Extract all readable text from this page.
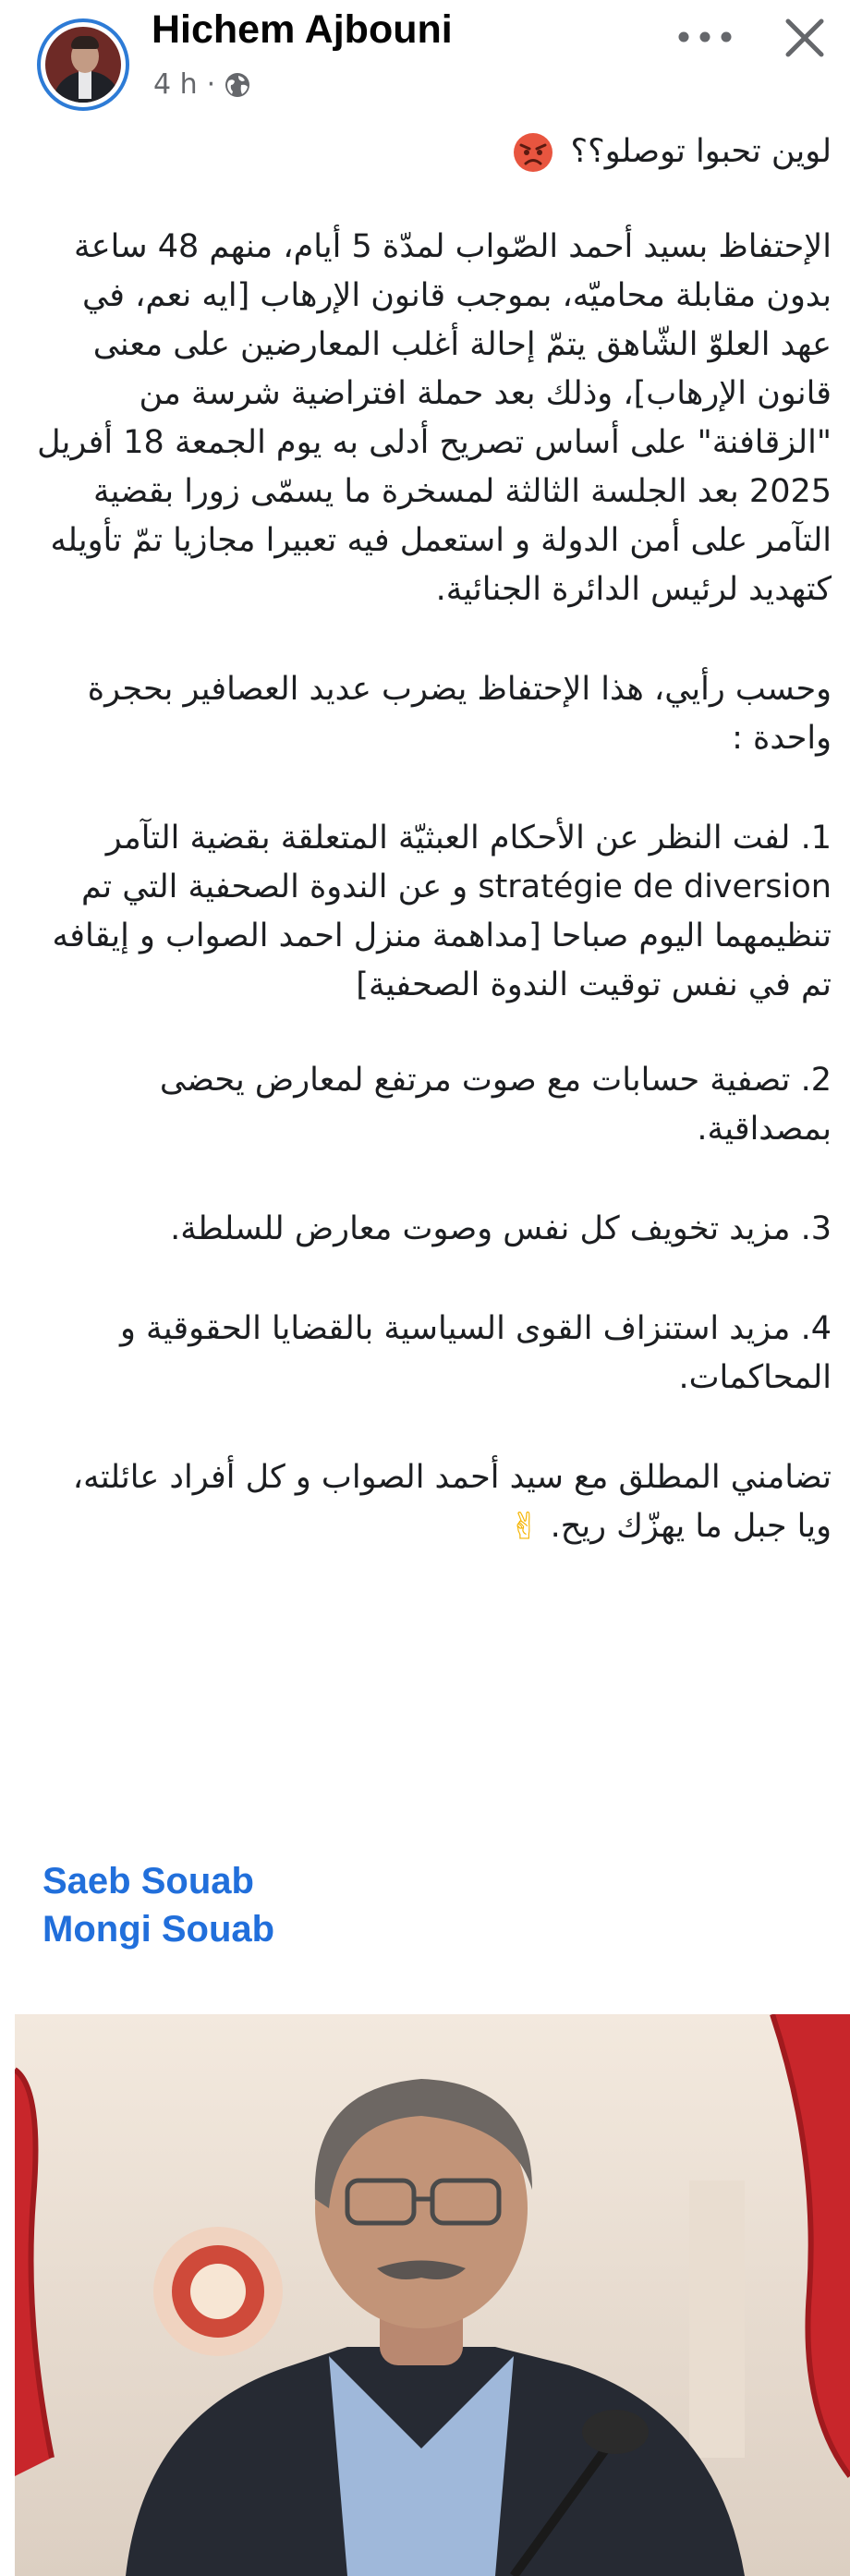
Hichem Ajbouni
4 h ·

لوين تحبوا توصلو؟؟

الإحتفاظ بسيد أحمد الصّواب لمدّة 5 أيام، منهم 48 ساعة بدون مقابلة محاميّه، بموجب قانون الإرهاب [ايه نعم، في عهد العلوّ الشّاهق يتمّ إحالة أغلب المعارضين على معنى قانون الإرهاب]، وذلك بعد حملة افتراضية شرسة من "الزقافنة" على أساس تصريح أدلى به يوم الجمعة 18 أفريل 2025 بعد الجلسة الثالثة لمسخرة ما يسمّى زورا بقضية التآمر على أمن الدولة و استعمل فيه تعبيرا مجازيا تمّ تأويله كتهديد لرئيس الدائرة الجنائية.

وحسب رأيي، هذا الإحتفاظ يضرب عديد العصافير بحجرة واحدة :

1. لفت النظر عن الأحكام العبثيّة المتعلقة بقضية التآمر stratégie de diversion و عن الندوة الصحفية التي تم تنظيمهما اليوم صباحا [مداهمة منزل احمد الصواب و إيقافه تم في نفس توقيت الندوة الصحفية]

2. تصفية حسابات مع صوت مرتفع لمعارض يحضى بمصداقية.

3. مزيد تخويف كل نفس وصوت معارض للسلطة.

4. مزيد استنزاف القوى السياسية بالقضايا الحقوقية و المحاكمات.

تضامني المطلق مع سيد أحمد الصواب و كل أفراد عائلته، ويا جبل ما يهزّك ريح. ✌

Saeb Souab
Mongi Souab
